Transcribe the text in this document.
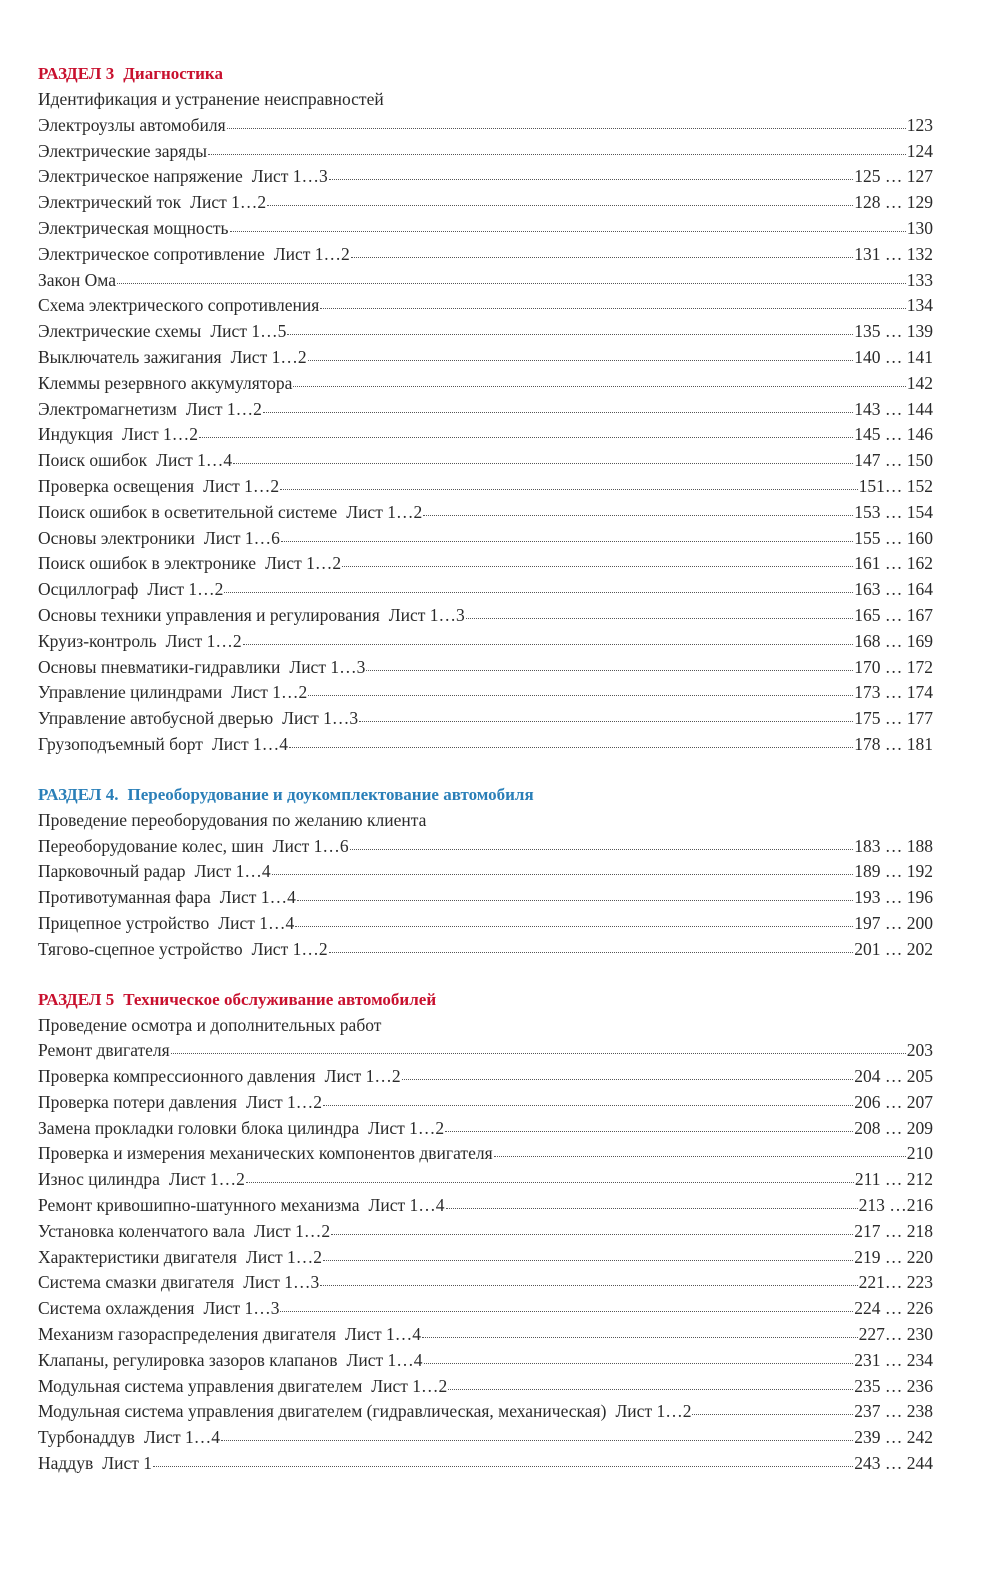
РАЗДЕЛ 3 Диагностика
Идентификация и устранение неисправностей
Электроузлы автомобиля	123
Электрические заряды	124
Электрическое напряжение Лист 1…3	125 … 127
Электрический ток Лист 1…2	128 … 129
Электрическая мощность	130
Электрическое сопротивление Лист 1…2	131 … 132
Закон Ома	133
Схема электрического сопротивления	134
Электрические схемы Лист 1…5	135 … 139
Выключатель зажигания Лист 1…2	140 … 141
Клеммы резервного аккумулятора	142
Электромагнетизм Лист 1…2	143 … 144
Индукция Лист 1…2	145 … 146
Поиск ошибок Лист 1…4	147 … 150
Проверка освещения Лист 1…2	151… 152
Поиск ошибок в осветительной системе Лист 1…2	153 … 154
Основы электроники Лист 1…6	155 … 160
Поиск ошибок в электронике Лист 1…2	161 … 162
Осциллограф Лист 1…2	163 … 164
Основы техники управления и регулирования Лист 1…3	165 … 167
Круиз-контроль Лист 1…2	168 … 169
Основы пневматики-гидравлики Лист 1…3	170 … 172
Управление цилиндрами Лист 1…2	173 … 174
Управление автобусной дверью Лист 1…3	175 … 177
Грузоподъемный борт Лист 1…4	178 … 181
РАЗДЕЛ 4. Переоборудование и доукомплектование автомобиля
Проведение переоборудования по желанию клиента
Переоборудование колес, шин Лист 1…6	183 … 188
Парковочный радар Лист 1…4	189 … 192
Противотуманная фара Лист 1…4	193 … 196
Прицепное устройство Лист 1…4	197 … 200
Тягово-сцепное устройство Лист 1…2	201 … 202
РАЗДЕЛ 5 Техническое обслуживание автомобилей
Проведение осмотра и дополнительных работ
Ремонт двигателя	203
Проверка компрессионного давления Лист 1…2	204 … 205
Проверка потери давления Лист 1…2	206 … 207
Замена прокладки головки блока цилиндра Лист 1…2	208 … 209
Проверка и измерения механических компонентов двигателя	210
Износ цилиндра Лист 1…2	211 … 212
Ремонт кривошипно-шатунного механизма Лист 1…4	213 …216
Установка коленчатого вала Лист 1…2	217 … 218
Характеристики двигателя Лист 1…2	219 … 220
Система смазки двигателя Лист 1…3	221… 223
Система охлаждения Лист 1…3	224 … 226
Механизм газораспределения двигателя Лист 1…4	227… 230
Клапаны, регулировка зазоров клапанов Лист 1…4	231 … 234
Модульная система управления двигателем Лист 1…2	235 … 236
Модульная система управления двигателем (гидравлическая, механическая) Лист 1…2	237 … 238
Турбонаддув Лист 1…4	239 … 242
Наддув Лист 1	243 … 244
